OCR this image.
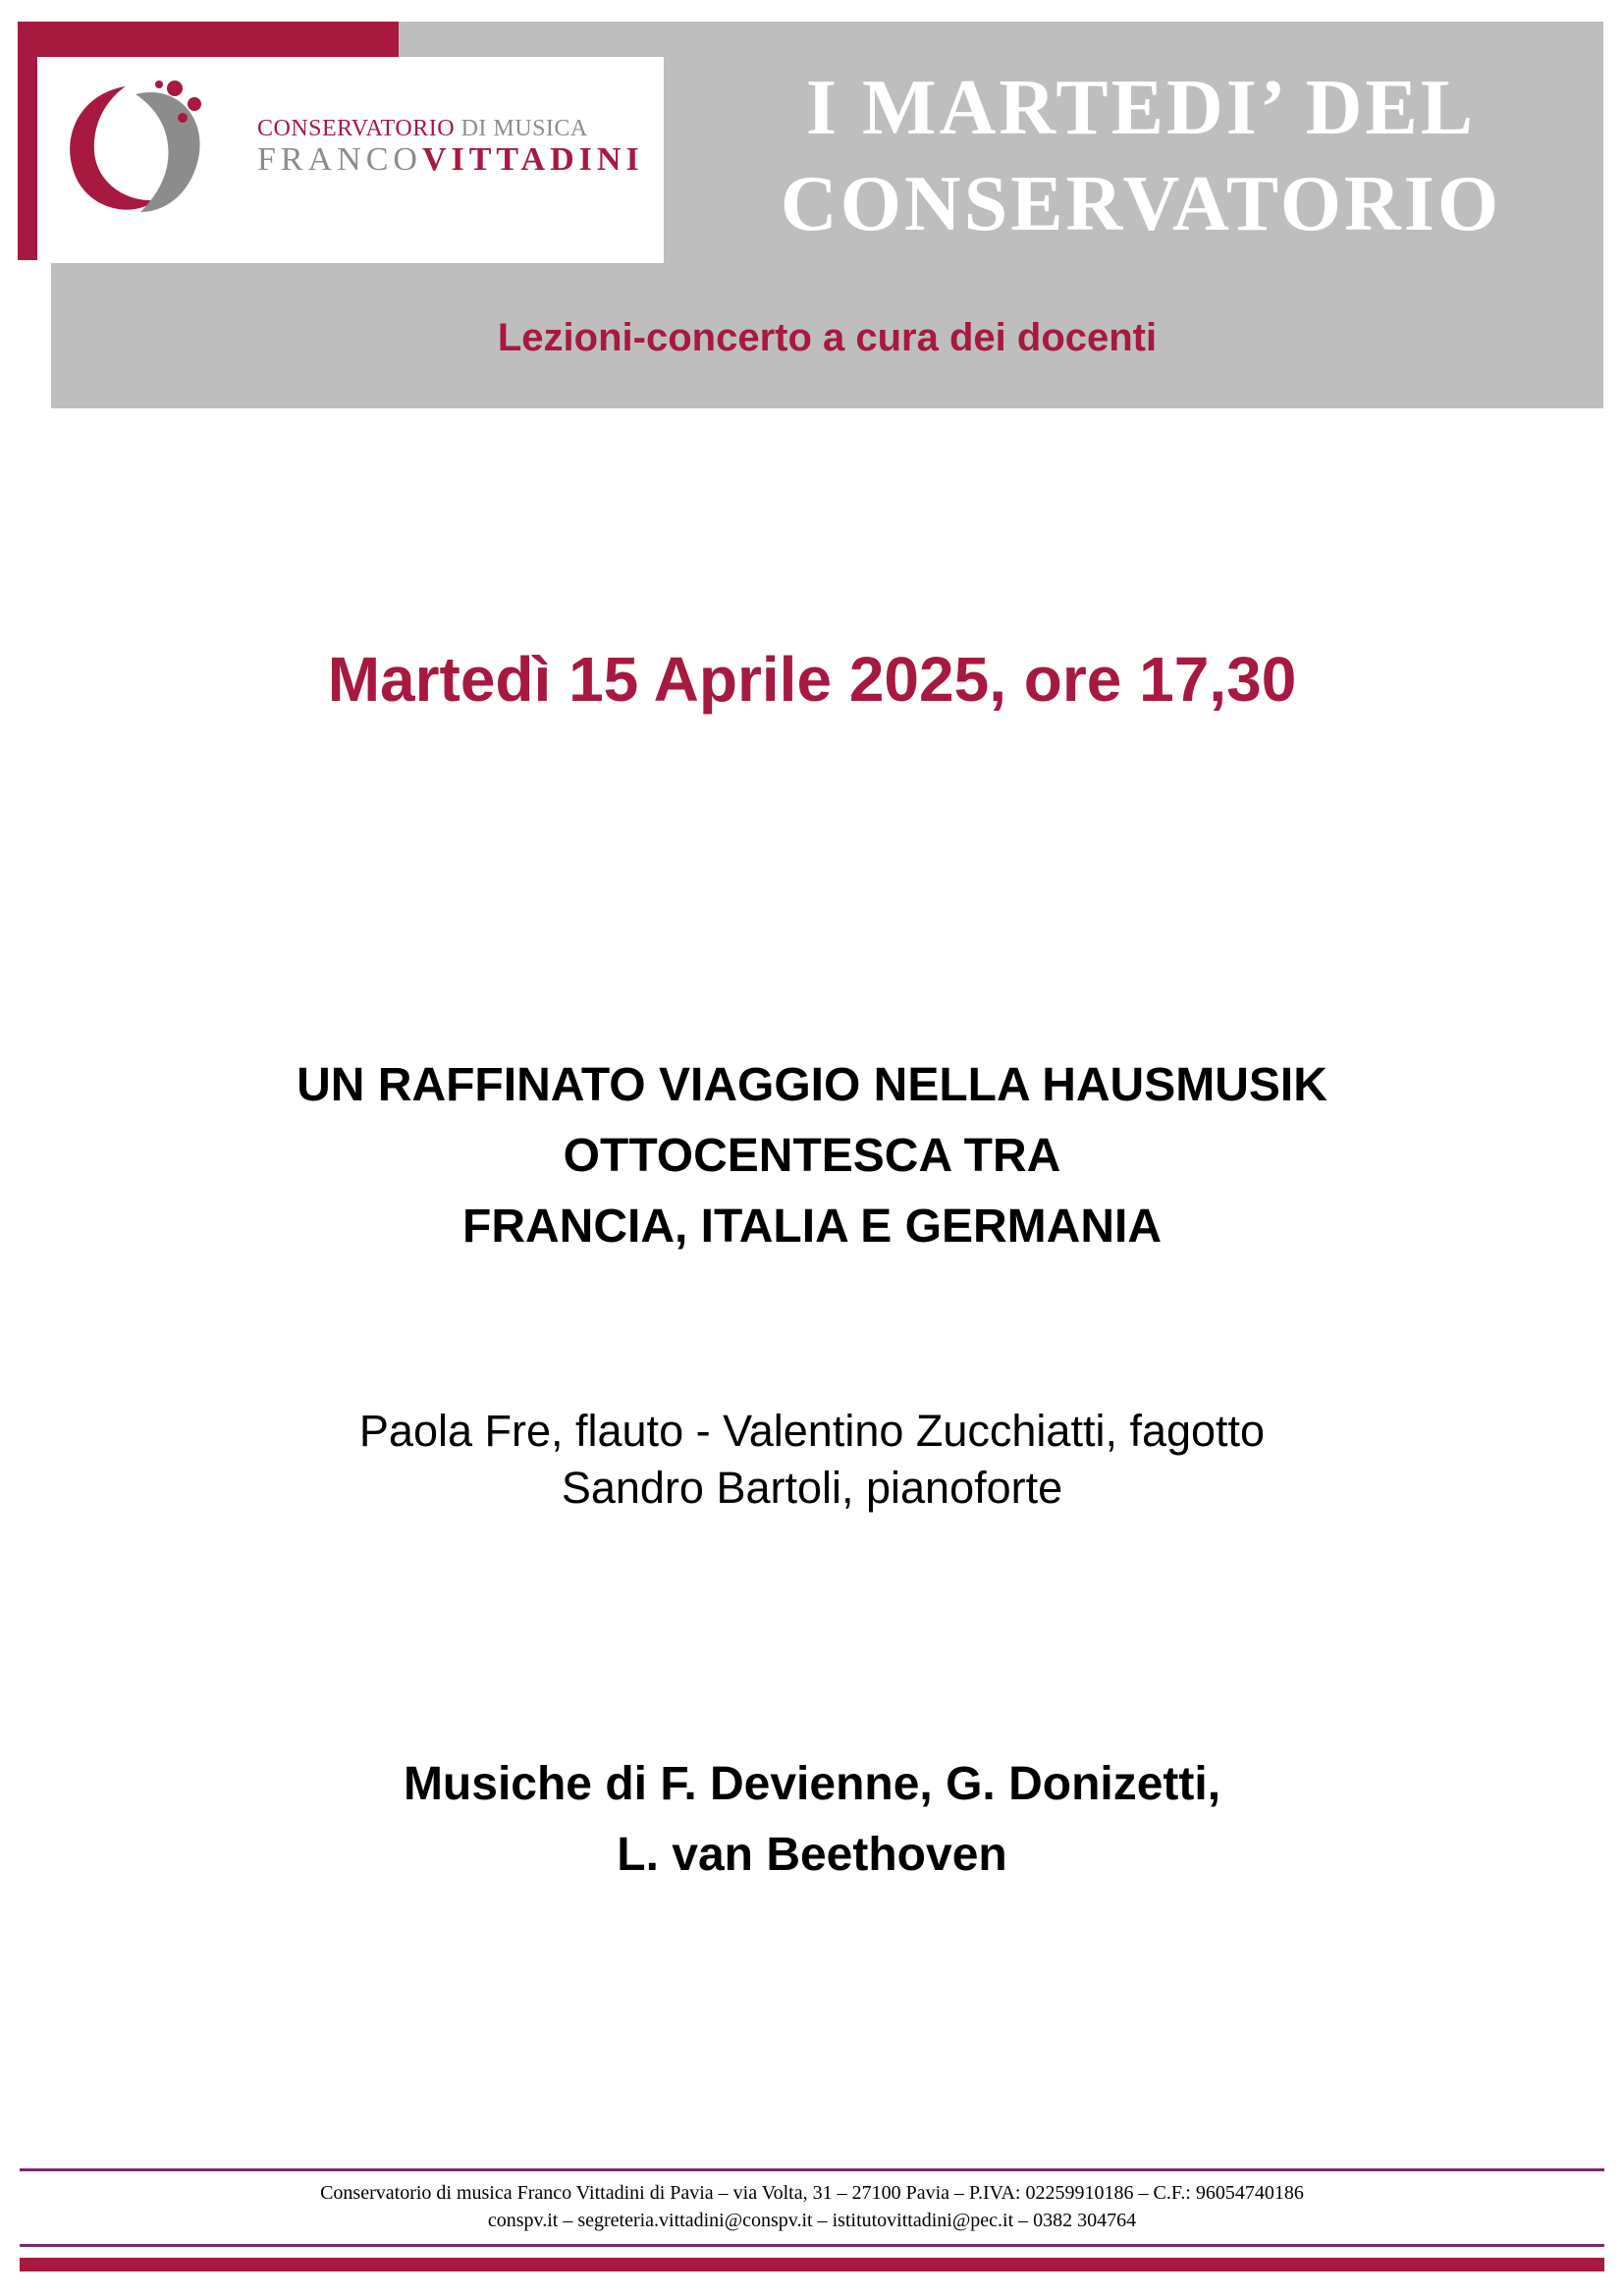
CONSERVATORIO DI MUSICA
FRANCOVITTADINI
I MARTEDI’ DEL
CONSERVATORIO
Lezioni-concerto a cura dei docenti
Martedì 15 Aprile 2025, ore 17,30
UN RAFFINATO VIAGGIO NELLA HAUSMUSIK
OTTOCENTESCA TRA
FRANCIA, ITALIA E GERMANIA
Paola Fre, flauto - Valentino Zucchiatti, fagotto
Sandro Bartoli, pianoforte
Musiche di F. Devienne, G. Donizetti,
L. van Beethoven
Conservatorio di musica Franco Vittadini di Pavia – via Volta, 31 – 27100 Pavia – P.IVA: 02259910186 – C.F.: 96054740186
conspv.it – segreteria.vittadini@conspv.it – istitutovittadini@pec.it – 0382 304764
